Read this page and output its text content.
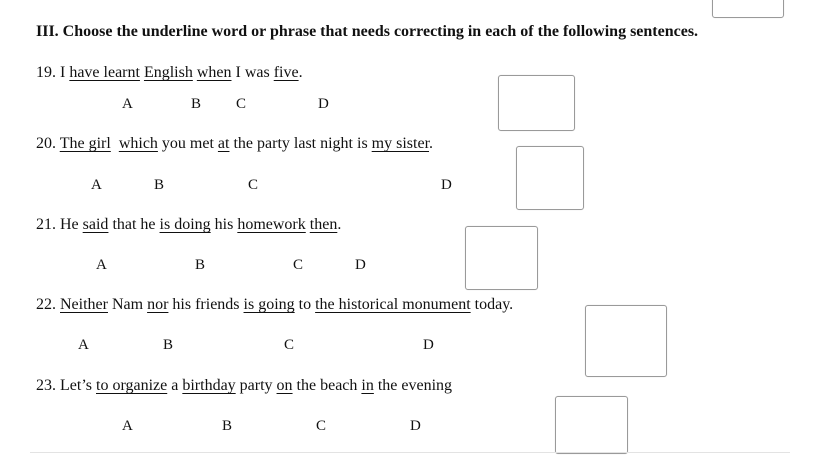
III. Choose the underline word or phrase that needs correcting in each of the following sentences.
19. I have learnt English when I was five.
A	B C	D
20. The girl which you met at the party last night is my sister.
A	B	C	D
21. He said that he is doing his homework then.
A	B	C	D
22. Neither Nam nor his friends is going to the historical monument today.
A	B	C	D
23. Let’s to organize a birthday party on the beach in the evening
A	B	C	D
